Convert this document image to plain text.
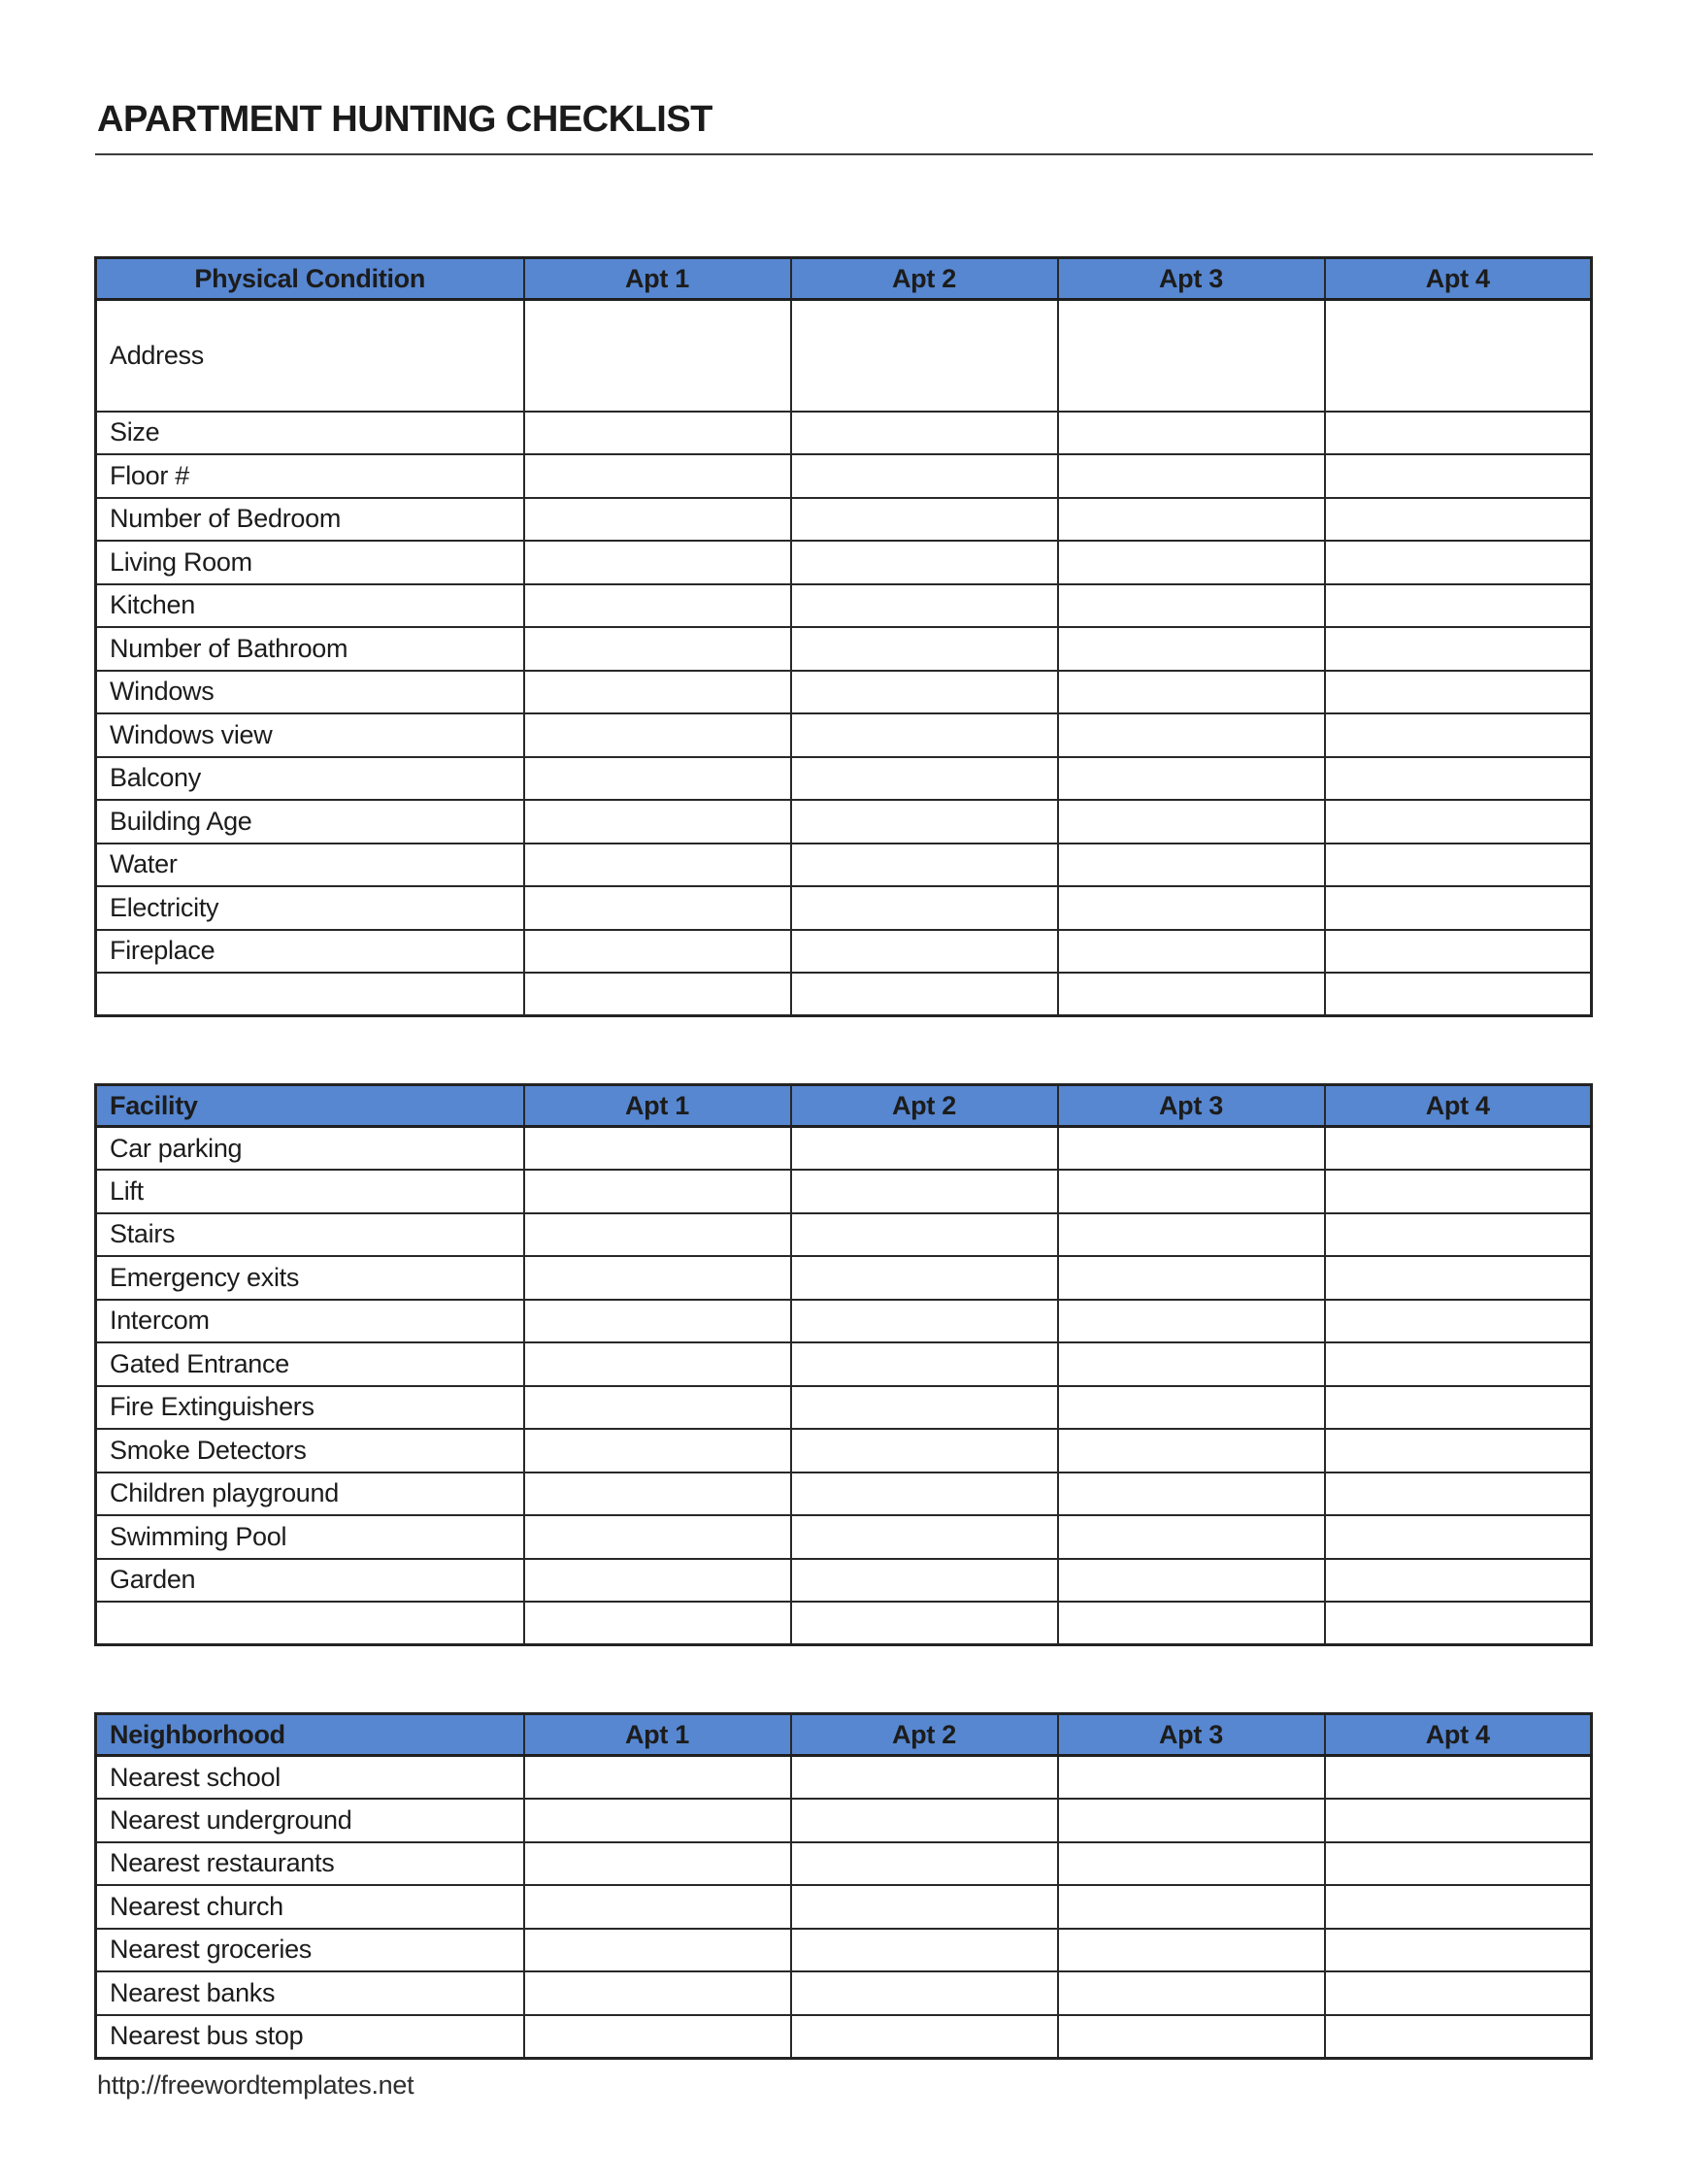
APARTMENT HUNTING CHECKLIST
Physical Condition	Apt 1	Apt 2	Apt 3	Apt 4
Address				
Size				
Floor #				
Number of Bedroom				
Living Room				
Kitchen				
Number of Bathroom				
Windows				
Windows view				
Balcony				
Building Age				
Water				
Electricity				
Fireplace				

Facility	Apt 1	Apt 2	Apt 3	Apt 4
Car parking				
Lift				
Stairs				
Emergency exits				
Intercom				
Gated Entrance				
Fire Extinguishers				
Smoke Detectors				
Children playground				
Swimming Pool				
Garden				

Neighborhood	Apt 1	Apt 2	Apt 3	Apt 4
Nearest school				
Nearest underground				
Nearest restaurants				
Nearest church				
Nearest groceries				
Nearest banks				
Nearest bus stop				
http://freewordtemplates.net
